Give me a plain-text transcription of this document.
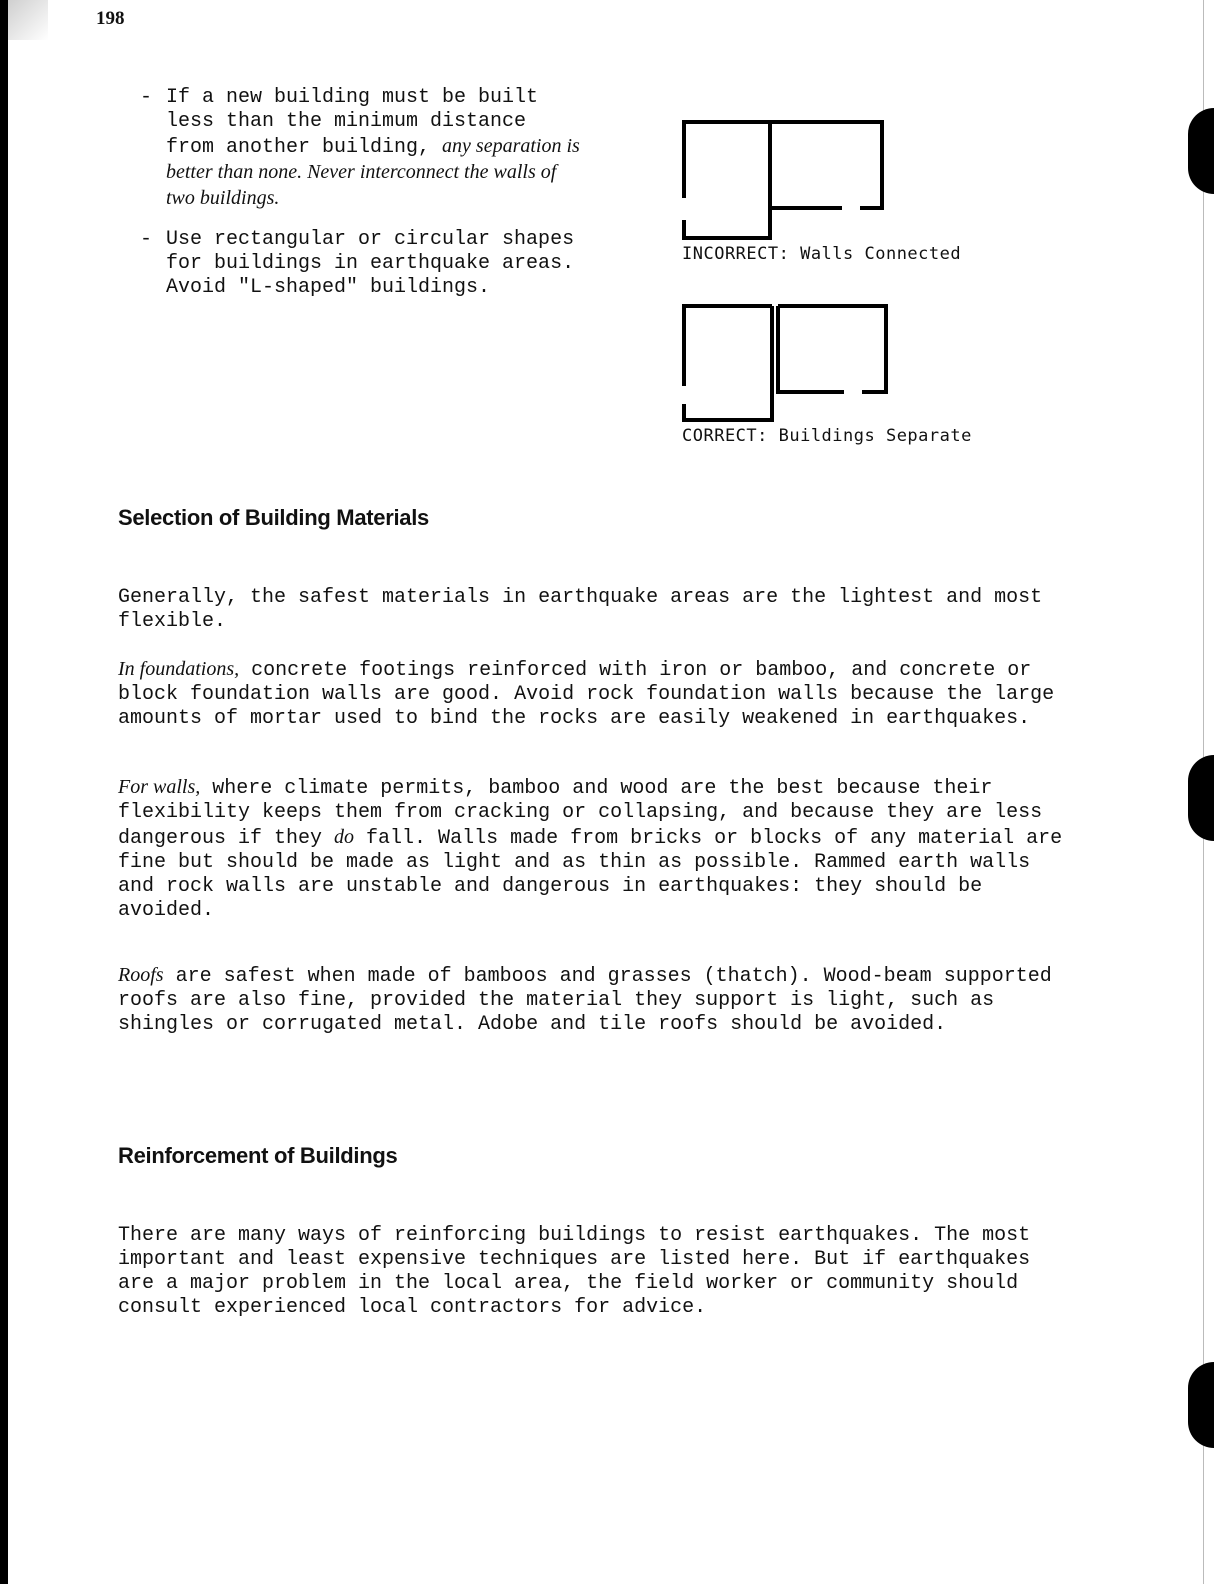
198
- If a new building must be built less than the minimum distance from another building, any separation is better than none. Never interconnect the walls of two buildings.
- Use rectangular or circular shapes for buildings in earthquake areas. Avoid "L-shaped" buildings.
INCORRECT: Walls Connected
CORRECT: Buildings Separate
Selection of Building Materials

Generally, the safest materials in earthquake areas are the lightest and most flexible.

In foundations, concrete footings reinforced with iron or bamboo, and concrete or block foundation walls are good. Avoid rock foundation walls because the large amounts of mortar used to bind the rocks are easily weakened in earthquakes.

For walls, where climate permits, bamboo and wood are the best because their flexibility keeps them from cracking or collapsing, and because they are less dangerous if they do fall. Walls made from bricks or blocks of any material are fine but should be made as light and as thin as possible. Rammed earth walls and rock walls are unstable and dangerous in earthquakes: they should be avoided.

Roofs are safest when made of bamboos and grasses (thatch). Wood-beam supported roofs are also fine, provided the material they support is light, such as shingles or corrugated metal. Adobe and tile roofs should be avoided.

Reinforcement of Buildings

There are many ways of reinforcing buildings to resist earthquakes. The most important and least expensive techniques are listed here. But if earthquakes are a major problem in the local area, the field worker or community should consult experienced local contractors for advice.
